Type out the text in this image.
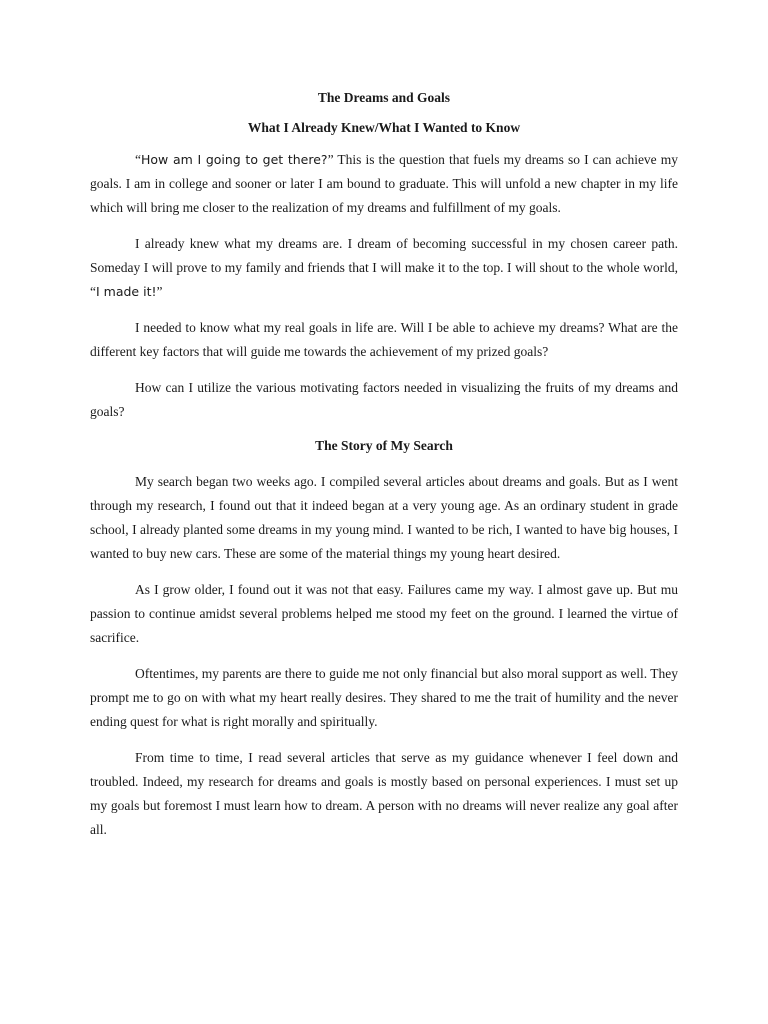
The Dreams and Goals
What I Already Knew/What I Wanted to Know

“How am I going to get there?” This is the question that fuels my dreams so I can achieve my goals. I am in college and sooner or later I am bound to graduate. This will unfold a new chapter in my life which will bring me closer to the realization of my dreams and fulfillment of my goals.

I already knew what my dreams are. I dream of becoming successful in my chosen career path. Someday I will prove to my family and friends that I will make it to the top. I will shout to the whole world, “I made it!”

I needed to know what my real goals in life are. Will I be able to achieve my dreams? What are the different key factors that will guide me towards the achievement of my prized goals?

How can I utilize the various motivating factors needed in visualizing the fruits of my dreams and goals?

The Story of My Search

My search began two weeks ago. I compiled several articles about dreams and goals. But as I went through my research, I found out that it indeed began at a very young age. As an ordinary student in grade school, I already planted some dreams in my young mind. I wanted to be rich, I wanted to have big houses, I wanted to buy new cars. These are some of the material things my young heart desired.

As I grow older, I found out it was not that easy. Failures came my way. I almost gave up. But mu passion to continue amidst several problems helped me stood my feet on the ground. I learned the virtue of sacrifice.

Oftentimes, my parents are there to guide me not only financial but also moral support as well. They prompt me to go on with what my heart really desires. They shared to me the trait of humility and the never ending quest for what is right morally and spiritually.

From time to time, I read several articles that serve as my guidance whenever I feel down and troubled. Indeed, my research for dreams and goals is mostly based on personal experiences. I must set up my goals but foremost I must learn how to dream. A person with no dreams will never realize any goal after all.
